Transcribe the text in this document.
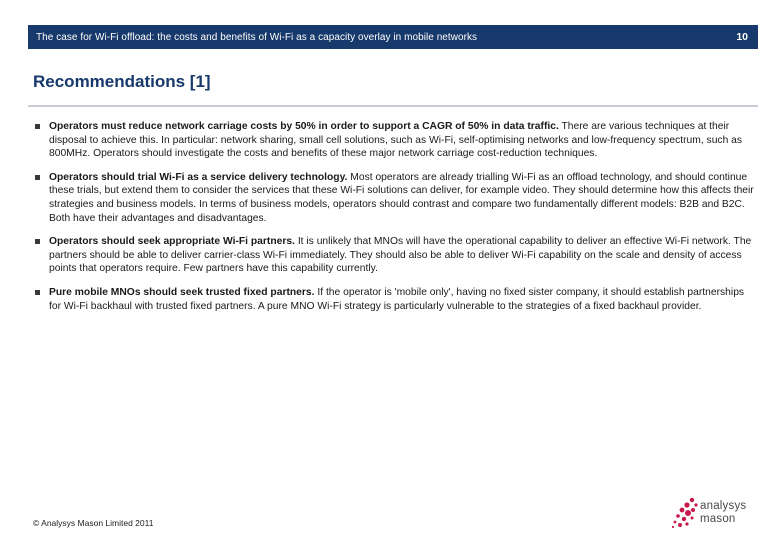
The case for Wi-Fi offload: the costs and benefits of Wi-Fi as a capacity overlay in mobile networks	10
Recommendations [1]
Operators must reduce network carriage costs by 50% in order to support a CAGR of 50% in data traffic. There are various techniques at their disposal to achieve this. In particular: network sharing, small cell solutions, such as Wi-Fi, self-optimising networks and low-frequency spectrum, such as 800MHz. Operators should investigate the costs and benefits of these major network carriage cost-reduction techniques.
Operators should trial Wi-Fi as a service delivery technology. Most operators are already trialling Wi-Fi as an offload technology, and should continue these trials, but extend them to consider the services that these Wi-Fi solutions can deliver, for example video. They should determine how this affects their strategies and business models. In terms of business models, operators should contrast and compare two fundamentally different models: B2B and B2C. Both have their advantages and disadvantages.
Operators should seek appropriate Wi-Fi partners. It is unlikely that MNOs will have the operational capability to deliver an effective Wi-Fi network. The partners should be able to deliver carrier-class Wi-Fi immediately. They should also be able to deliver Wi-Fi capability on the scale and density of access points that operators require. Few partners have this capability currently.
Pure mobile MNOs should seek trusted fixed partners. If the operator is 'mobile only', having no fixed sister company, it should establish partnerships for Wi-Fi backhaul with trusted fixed partners. A pure MNO Wi-Fi strategy is particularly vulnerable to the strategies of a fixed backhaul provider.
© Analysys Mason Limited 2011
analysys
mason
